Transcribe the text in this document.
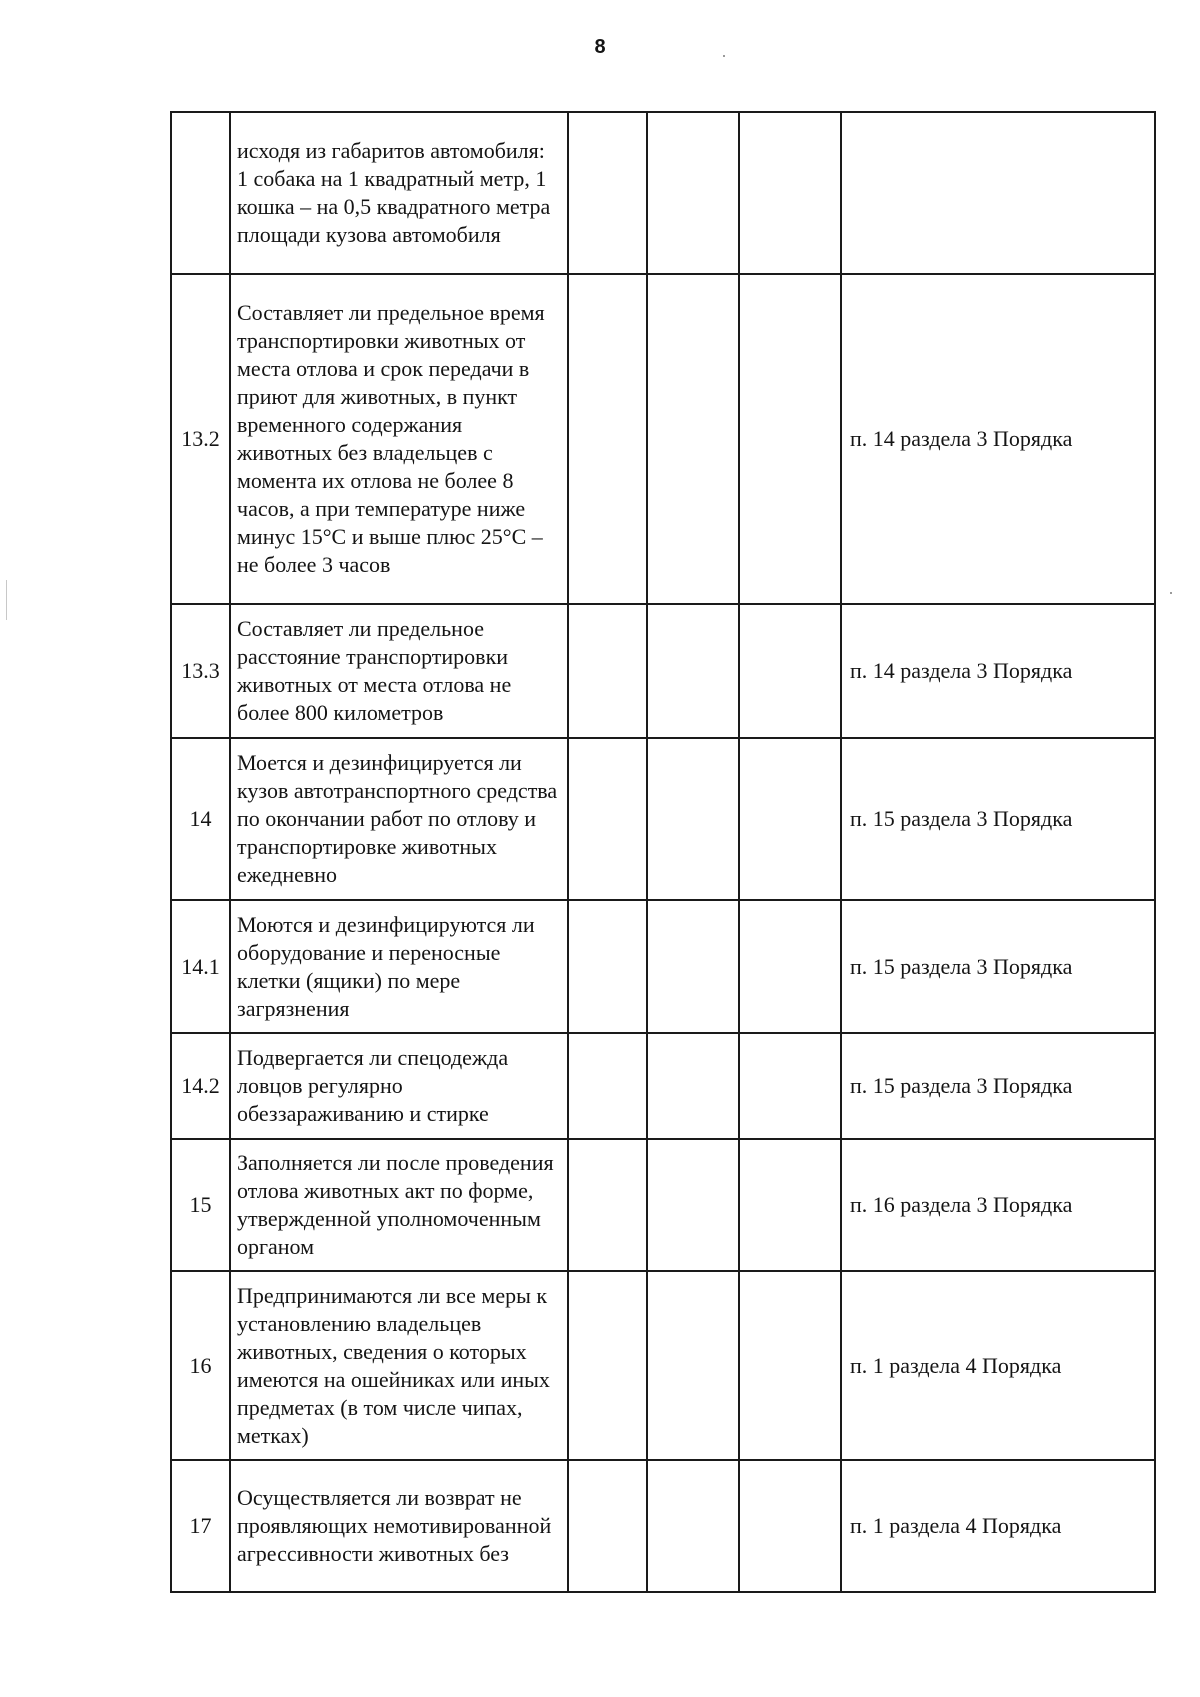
8
	исходя из габаритов автомобиля: 1 собака на 1 квадратный метр, 1 кошка – на 0,5 квадратного метра площади кузова автомобиля				
13.2	Составляет ли предельное время транспортировки животных от места отлова и срок передачи в приют для животных, в пункт временного содержания животных без владельцев с момента их отлова не более 8 часов, а при температуре ниже минус 15°С и выше плюс 25°С – не более 3 часов				п. 14 раздела 3 Порядка
13.3	Составляет ли предельное расстояние транспортировки животных от места отлова не более 800 километров				п. 14 раздела 3 Порядка
14	Моется и дезинфицируется ли кузов автотранспортного средства по окончании работ по отлову и транспортировке животных ежедневно				п. 15 раздела 3 Порядка
14.1	Моются и дезинфицируются ли оборудование и переносные клетки (ящики) по мере загрязнения				п. 15 раздела 3 Порядка
14.2	Подвергается ли спецодежда ловцов регулярно обеззараживанию и стирке				п. 15 раздела 3 Порядка
15	Заполняется ли после проведения отлова животных акт по форме, утвержденной уполномоченным органом				п. 16 раздела 3 Порядка
16	Предпринимаются ли все меры к установлению владельцев животных, сведения о которых имеются на ошейниках или иных предметах (в том числе чипах, метках)				п. 1 раздела 4 Порядка
17	Осуществляется ли возврат не проявляющих немотивированной агрессивности животных без				п. 1 раздела 4 Порядка
